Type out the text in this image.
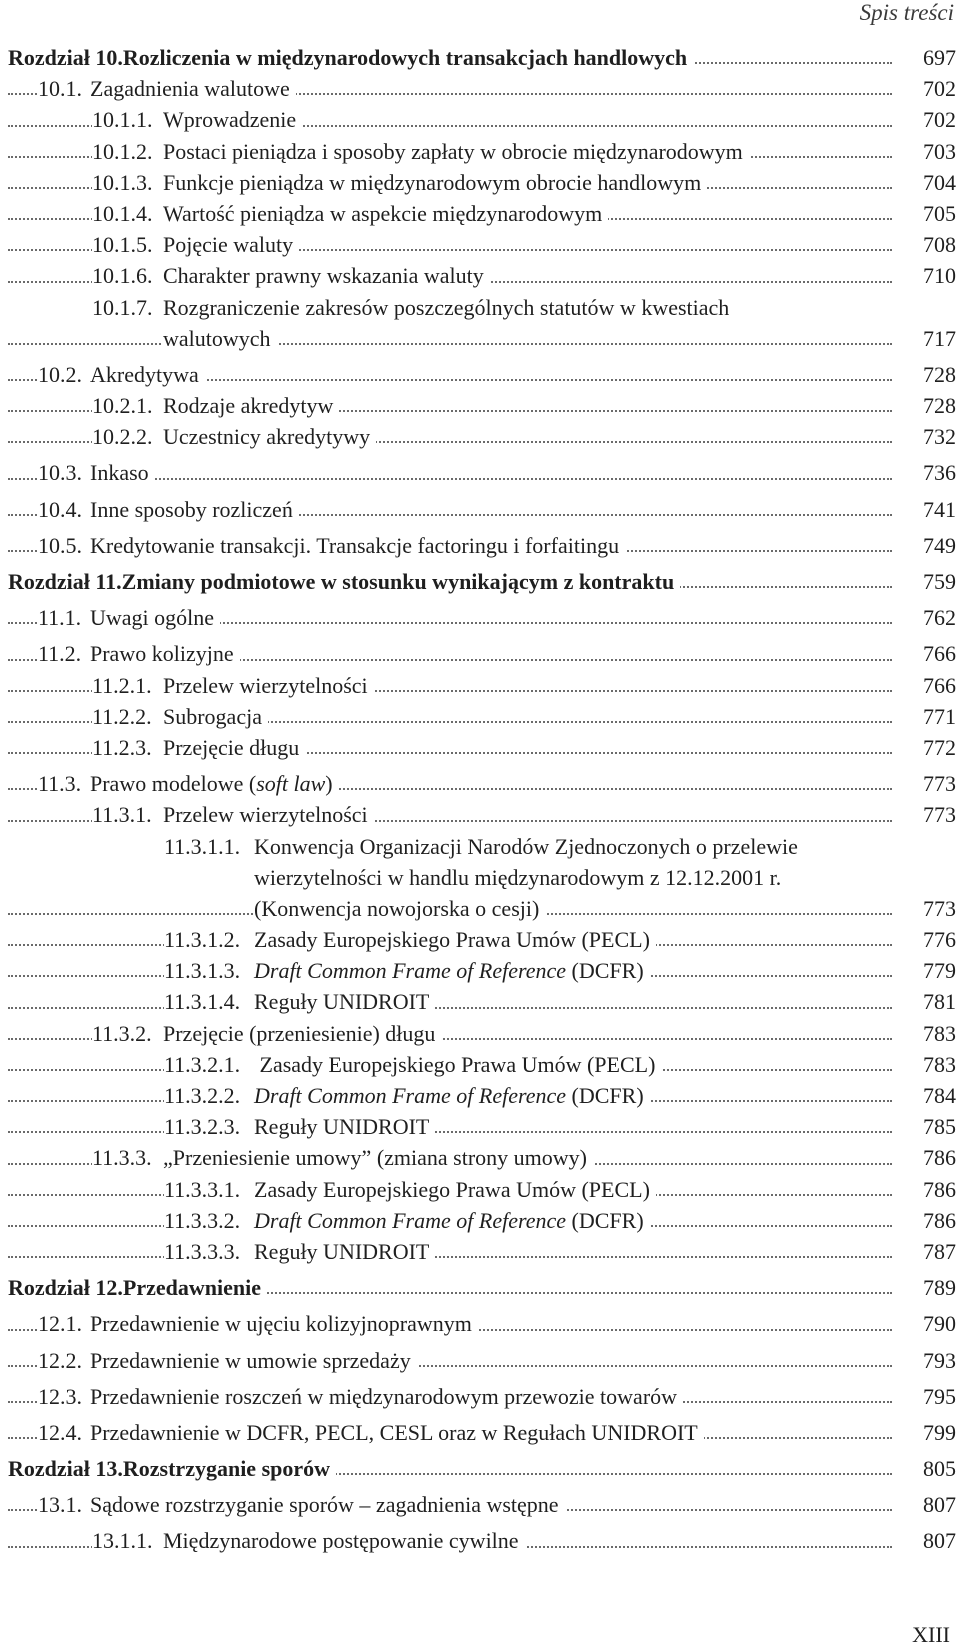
Spis treści
Rozdział 10.Rozliczenia w międzynarodowych transakcjach handlowych	697
10.1. Zagadnienia walutowe	702
10.1.1. Wprowadzenie	702
10.1.2. Postaci pieniądza i sposoby zapłaty w obrocie międzynarodowym	703
10.1.3. Funkcje pieniądza w międzynarodowym obrocie handlowym	704
10.1.4. Wartość pieniądza w aspekcie międzynarodowym	705
10.1.5. Pojęcie waluty	708
10.1.6. Charakter prawny wskazania waluty	710
10.1.7. Rozgraniczenie zakresów poszczególnych statutów w kwestiach
walutowych	717
10.2. Akredytywa	728
10.2.1. Rodzaje akredytyw	728
10.2.2. Uczestnicy akredytywy	732
10.3. Inkaso	736
10.4. Inne sposoby rozliczeń	741
10.5. Kredytowanie transakcji. Transakcje factoringu i forfaitingu	749
Rozdział 11.Zmiany podmiotowe w stosunku wynikającym z kontraktu	759
11.1. Uwagi ogólne	762
11.2. Prawo kolizyjne	766
11.2.1. Przelew wierzytelności	766
11.2.2. Subrogacja	771
11.2.3. Przejęcie długu	772
11.3. Prawo modelowe (soft law)	773
11.3.1. Przelew wierzytelności	773
11.3.1.1. Konwencja Organizacji Narodów Zjednoczonych o przelewie
wierzytelności w handlu międzynarodowym z 12.12.2001 r.
(Konwencja nowojorska o cesji)	773
11.3.1.2. Zasady Europejskiego Prawa Umów (PECL)	776
11.3.1.3. Draft Common Frame of Reference (DCFR)	779
11.3.1.4. Reguły UNIDROIT	781
11.3.2. Przejęcie (przeniesienie) długu	783
11.3.2.1. Zasady Europejskiego Prawa Umów (PECL)	783
11.3.2.2. Draft Common Frame of Reference (DCFR)	784
11.3.2.3. Reguły UNIDROIT	785
11.3.3. „Przeniesienie umowy” (zmiana strony umowy)	786
11.3.3.1. Zasady Europejskiego Prawa Umów (PECL)	786
11.3.3.2. Draft Common Frame of Reference (DCFR)	786
11.3.3.3. Reguły UNIDROIT	787
Rozdział 12.Przedawnienie	789
12.1. Przedawnienie w ujęciu kolizyjnoprawnym	790
12.2. Przedawnienie w umowie sprzedaży	793
12.3. Przedawnienie roszczeń w międzynarodowym przewozie towarów	795
12.4. Przedawnienie w DCFR, PECL, CESL oraz w Regułach UNIDROIT	799
Rozdział 13.Rozstrzyganie sporów	805
13.1. Sądowe rozstrzyganie sporów – zagadnienia wstępne	807
13.1.1. Międzynarodowe postępowanie cywilne	807
XIII
